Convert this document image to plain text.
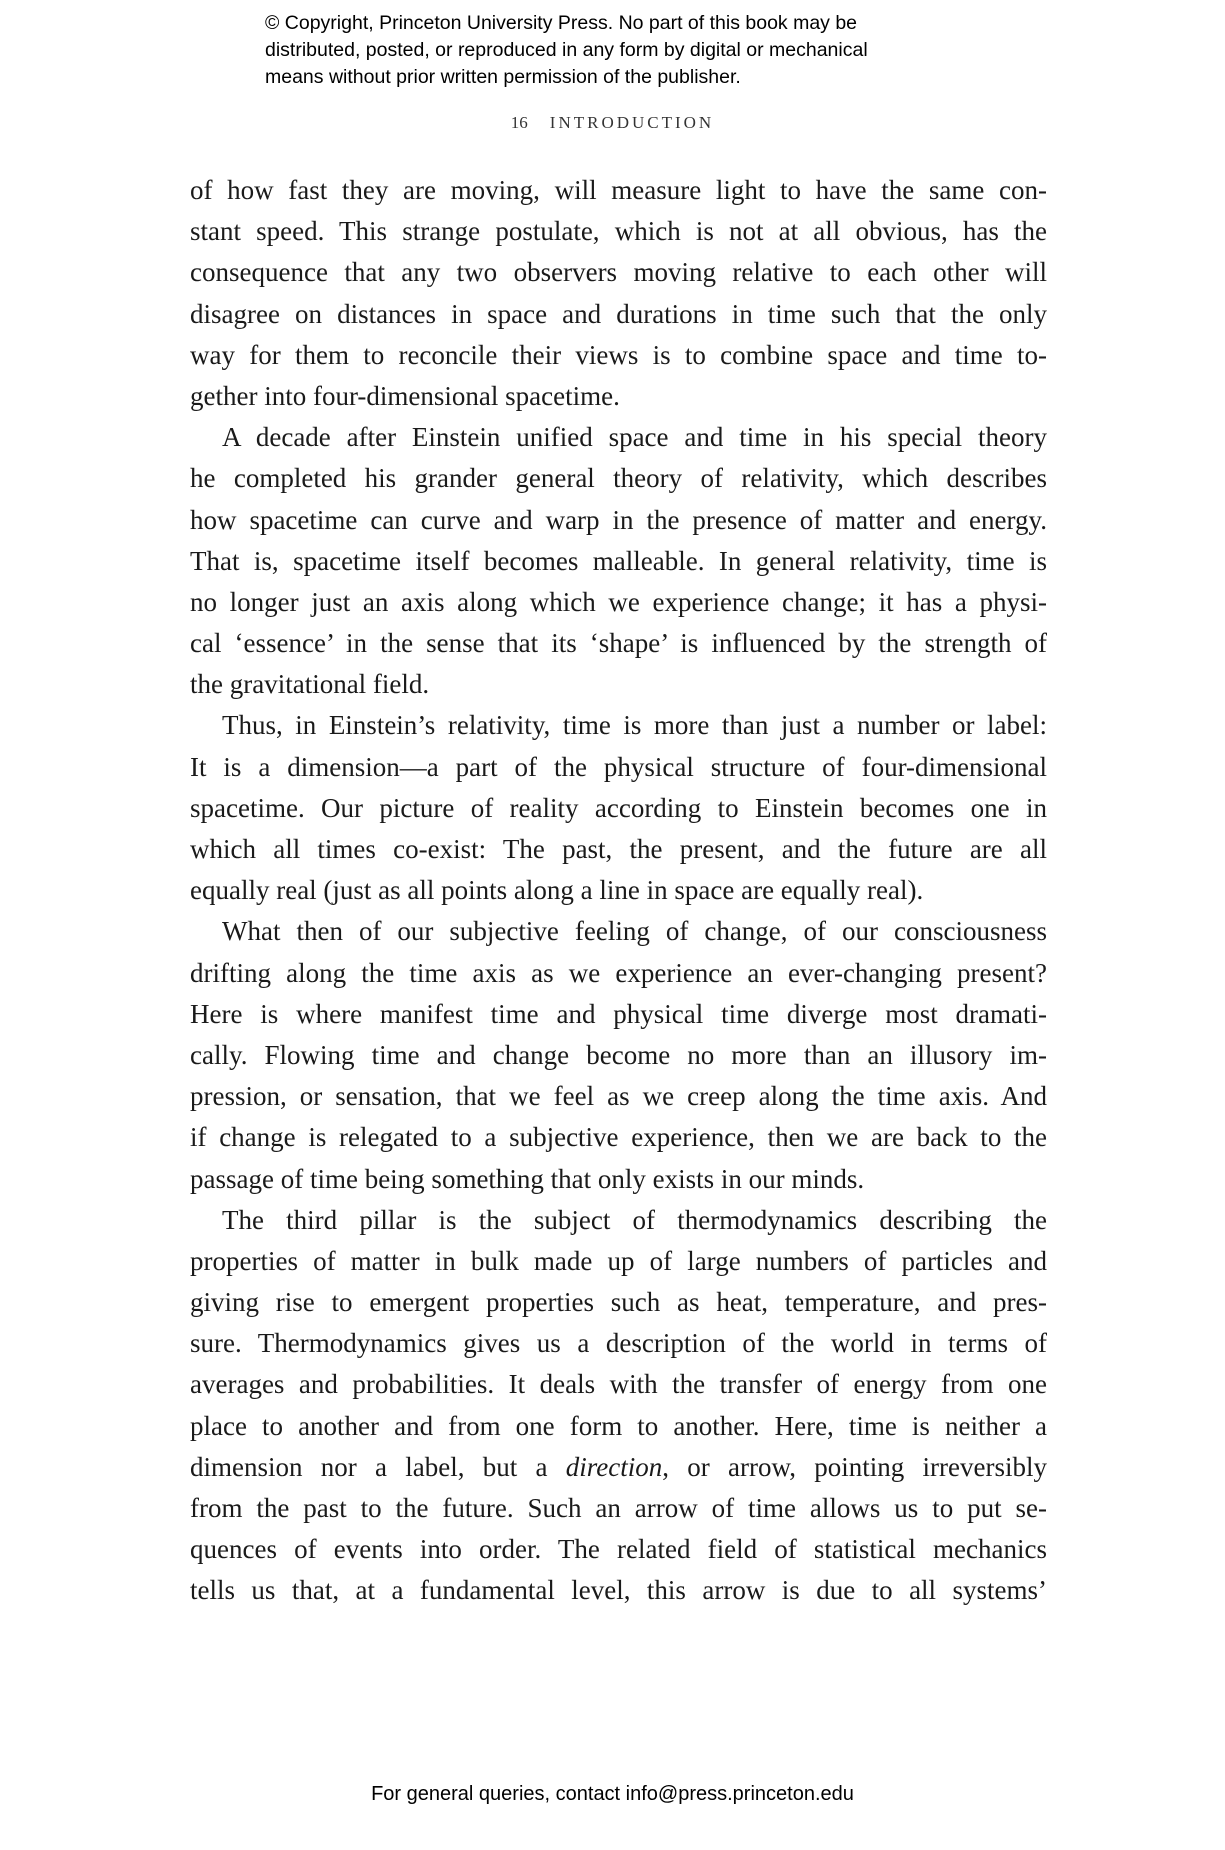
© Copyright, Princeton University Press. No part of this book may be
distributed, posted, or reproduced in any form by digital or mechanical
means without prior written permission of the publisher.
16 INTRODUCTION
of how fast they are moving, will measure light to have the same con-
stant speed. This strange postulate, which is not at all obvious, has the
consequence that any two observers moving relative to each other will
disagree on distances in space and durations in time such that the only
way for them to reconcile their views is to combine space and time to-
gether into four-dimensional spacetime.
A decade after Einstein unified space and time in his special theory
he completed his grander general theory of relativity, which describes
how spacetime can curve and warp in the presence of matter and energy.
That is, spacetime itself becomes malleable. In general relativity, time is
no longer just an axis along which we experience change; it has a physi-
cal ‘essence’ in the sense that its ‘shape’ is influenced by the strength of
the gravitational field.
Thus, in Einstein’s relativity, time is more than just a number or label:
It is a dimension—a part of the physical structure of four-dimensional
spacetime. Our picture of reality according to Einstein becomes one in
which all times co-exist: The past, the present, and the future are all
equally real (just as all points along a line in space are equally real).
What then of our subjective feeling of change, of our consciousness
drifting along the time axis as we experience an ever-changing present?
Here is where manifest time and physical time diverge most dramati-
cally. Flowing time and change become no more than an illusory im-
pression, or sensation, that we feel as we creep along the time axis. And
if change is relegated to a subjective experience, then we are back to the
passage of time being something that only exists in our minds.
The third pillar is the subject of thermodynamics describing the
properties of matter in bulk made up of large numbers of particles and
giving rise to emergent properties such as heat, temperature, and pres-
sure. Thermodynamics gives us a description of the world in terms of
averages and probabilities. It deals with the transfer of energy from one
place to another and from one form to another. Here, time is neither a
dimension nor a label, but a direction, or arrow, pointing irreversibly
from the past to the future. Such an arrow of time allows us to put se-
quences of events into order. The related field of statistical mechanics
tells us that, at a fundamental level, this arrow is due to all systems’
For general queries, contact info@press.princeton.edu
